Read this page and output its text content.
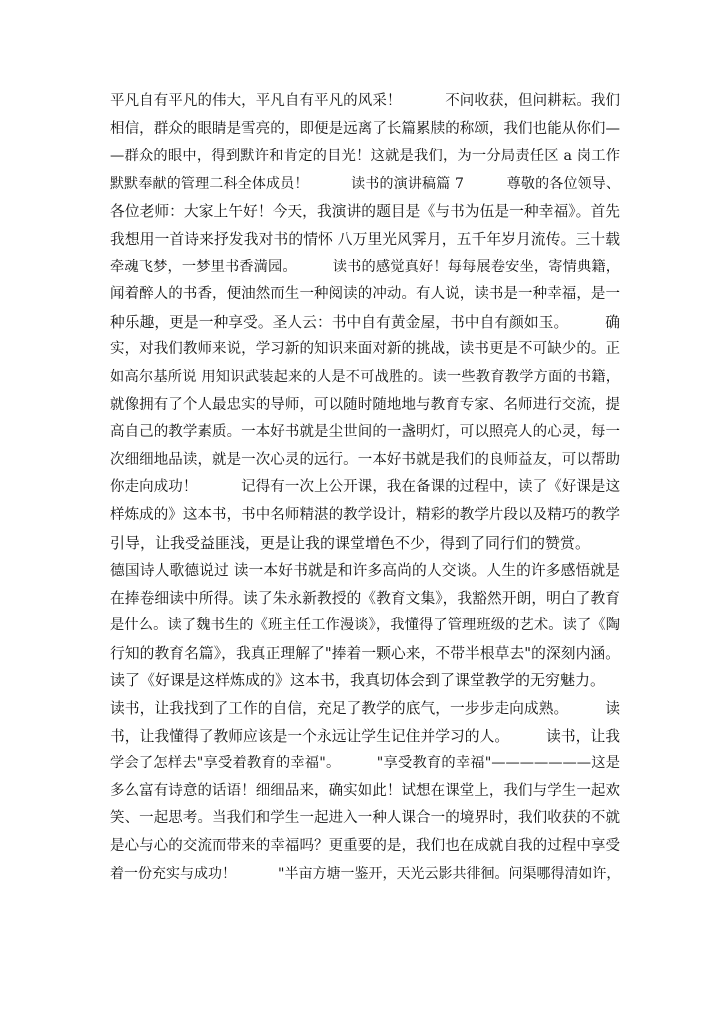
平凡自有平凡的伟大，平凡自有平凡的风采！　　　不问收获，但问耕耘。我们
相信，群众的眼睛是雪亮的，即便是远离了长篇累牍的称颂，我们也能从你们—
—群众的眼中，得到默许和肯定的目光！这就是我们，为一分局责任区 a 岗工作
默默奉献的管理二科全体成员！　　　读书的演讲稿篇 7　　　尊敬的各位领导、
各位老师：大家上午好！今天，我演讲的题目是《与书为伍是一种幸福》。首先
我想用一首诗来抒发我对书的情怀 八万里光风霁月，五千年岁月流传。三十载
牵魂飞梦，一梦里书香満园。　　　读书的感觉真好！每每展卷安坐，寄情典籍，
闻着醉人的书香，便油然而生一种阅读的冲动。有人说，读书是一种幸福，是一
种乐趣，更是一种享受。圣人云：书中自有黄金屋，书中自有颜如玉。　　　确
实，对我们教师来说，学习新的知识来面对新的挑战，读书更是不可缺少的。正
如高尔基所说 用知识武装起来的人是不可战胜的。读一些教育教学方面的书籍，
就像拥有了个人最忠实的导师，可以随时随地地与教育专家、名师进行交流，提
高自己的教学素质。一本好书就是尘世间的一盏明灯，可以照亮人的心灵，每一
次细细地品读，就是一次心灵的远行。一本好书就是我们的良师益友，可以帮助
你走向成功！　　　记得有一次上公开课，我在备课的过程中，读了《好课是这
样炼成的》这本书，书中名师精湛的教学设计，精彩的教学片段以及精巧的教学
引导，让我受益匪浅，更是让我的课堂增色不少，得到了同行们的赞赏。
德国诗人歌德说过 读一本好书就是和许多高尚的人交谈。人生的许多感悟就是
在捧卷细读中所得。读了朱永新教授的《教育文集》，我豁然开朗，明白了教育
是什么。读了魏书生的《班主任工作漫谈》，我懂得了管理班级的艺术。读了《陶
行知的教育名篇》，我真正理解了"捧着一颗心来，不带半根草去"的深刻内涵。
读了《好课是这样炼成的》这本书，我真切体会到了课堂教学的无穷魅力。
读书，让我找到了工作的自信，充足了教学的底气，一步步走向成熟。　　　读
书，让我懂得了教师应该是一个永远让学生记住并学习的人。　　　读书，让我
学会了怎样去"享受着教育的幸福"。　　　"享受教育的幸福"———————这是
多么富有诗意的话语！细细品来，确实如此！试想在课堂上，我们与学生一起欢
笑、一起思考。当我们和学生一起进入一种人课合一的境界时，我们收获的不就
是心与心的交流而带来的幸福吗？更重要的是，我们也在成就自我的过程中享受
着一份充实与成功！　　　"半亩方塘一鉴开，天光云影共徘徊。问渠哪得清如许，
